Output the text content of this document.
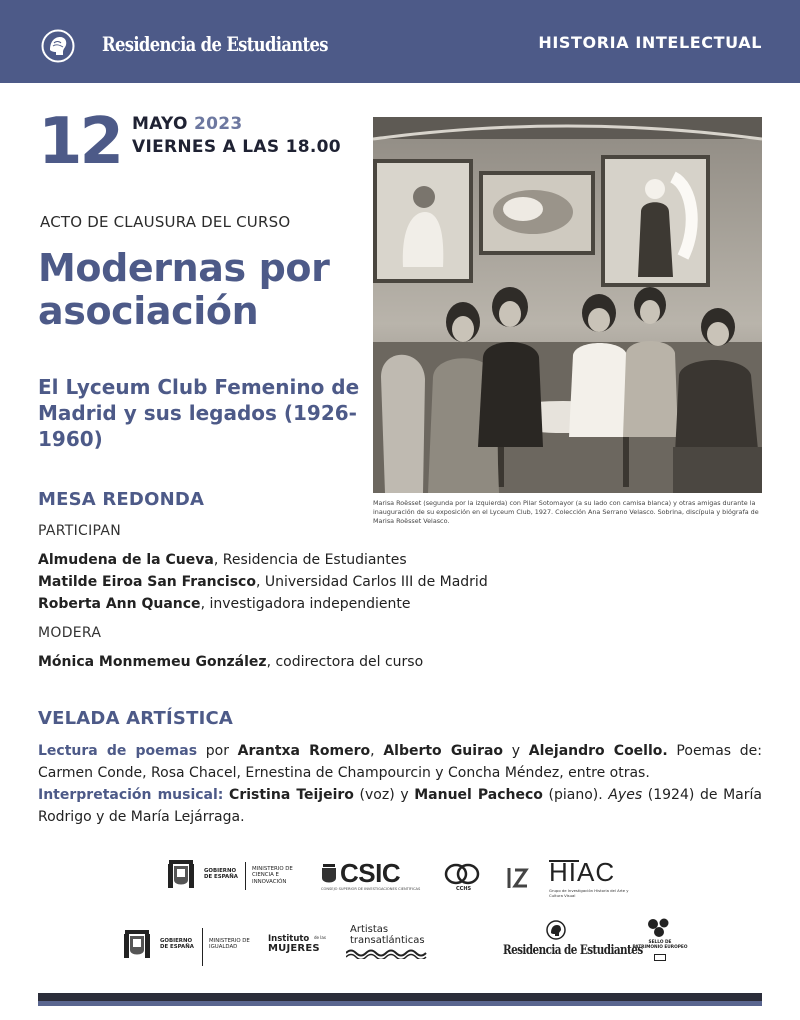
Residencia de Estudiantes	HISTORIA INTELECTUAL
12 MAYO 2023
VIERNES A LAS 18.00
ACTO DE CLAUSURA DEL CURSO
Modernas por asociación
El Lyceum Club Femenino de Madrid y sus legados (1926-1960)
Marisa Roësset (segunda por la izquierda) con Pilar Sotomayor (a su lado con camisa blanca) y otras amigas durante la inauguración de su exposición en el Lyceum Club, 1927. Colección Ana Serrano Velasco. Sobrina, discípula y biógrafa de Marisa Roësset Velasco.
MESA REDONDA
PARTICIPAN
Almudena de la Cueva, Residencia de Estudiantes
Matilde Eiroa San Francisco, Universidad Carlos III de Madrid
Roberta Ann Quance, investigadora independiente
MODERA
Mónica Monmemeu González, codirectora del curso
VELADA ARTÍSTICA
Lectura de poemas por Arantxa Romero, Alberto Guirao y Alejandro Coello. Poemas de: Carmen Conde, Rosa Chacel, Ernestina de Champourcin y Concha Méndez, entre otras.
Interpretación musical: Cristina Teijeiro (voz) y Manuel Pacheco (piano). Ayes (1924) de María Rodrigo y de María Lejárraga.
GOBIERNO DE ESPAÑA
MINISTERIO DE CIENCIA E INNOVACIÓN	CSIC
CONSEJO SUPERIOR DE INVESTIGACIONES CIENTÍFICAS	CCHS
HIAC
Grupo de Investigación Historia del Arte y Cultura Visual
GOBIERNO DE ESPAÑA
MINISTERIO DE IGUALDAD
Instituto de las
MUJERES
Artistas
transatlánticas
Residencia de Estudiantes
SELLO DE
PATRIMONIO EUROPEO
